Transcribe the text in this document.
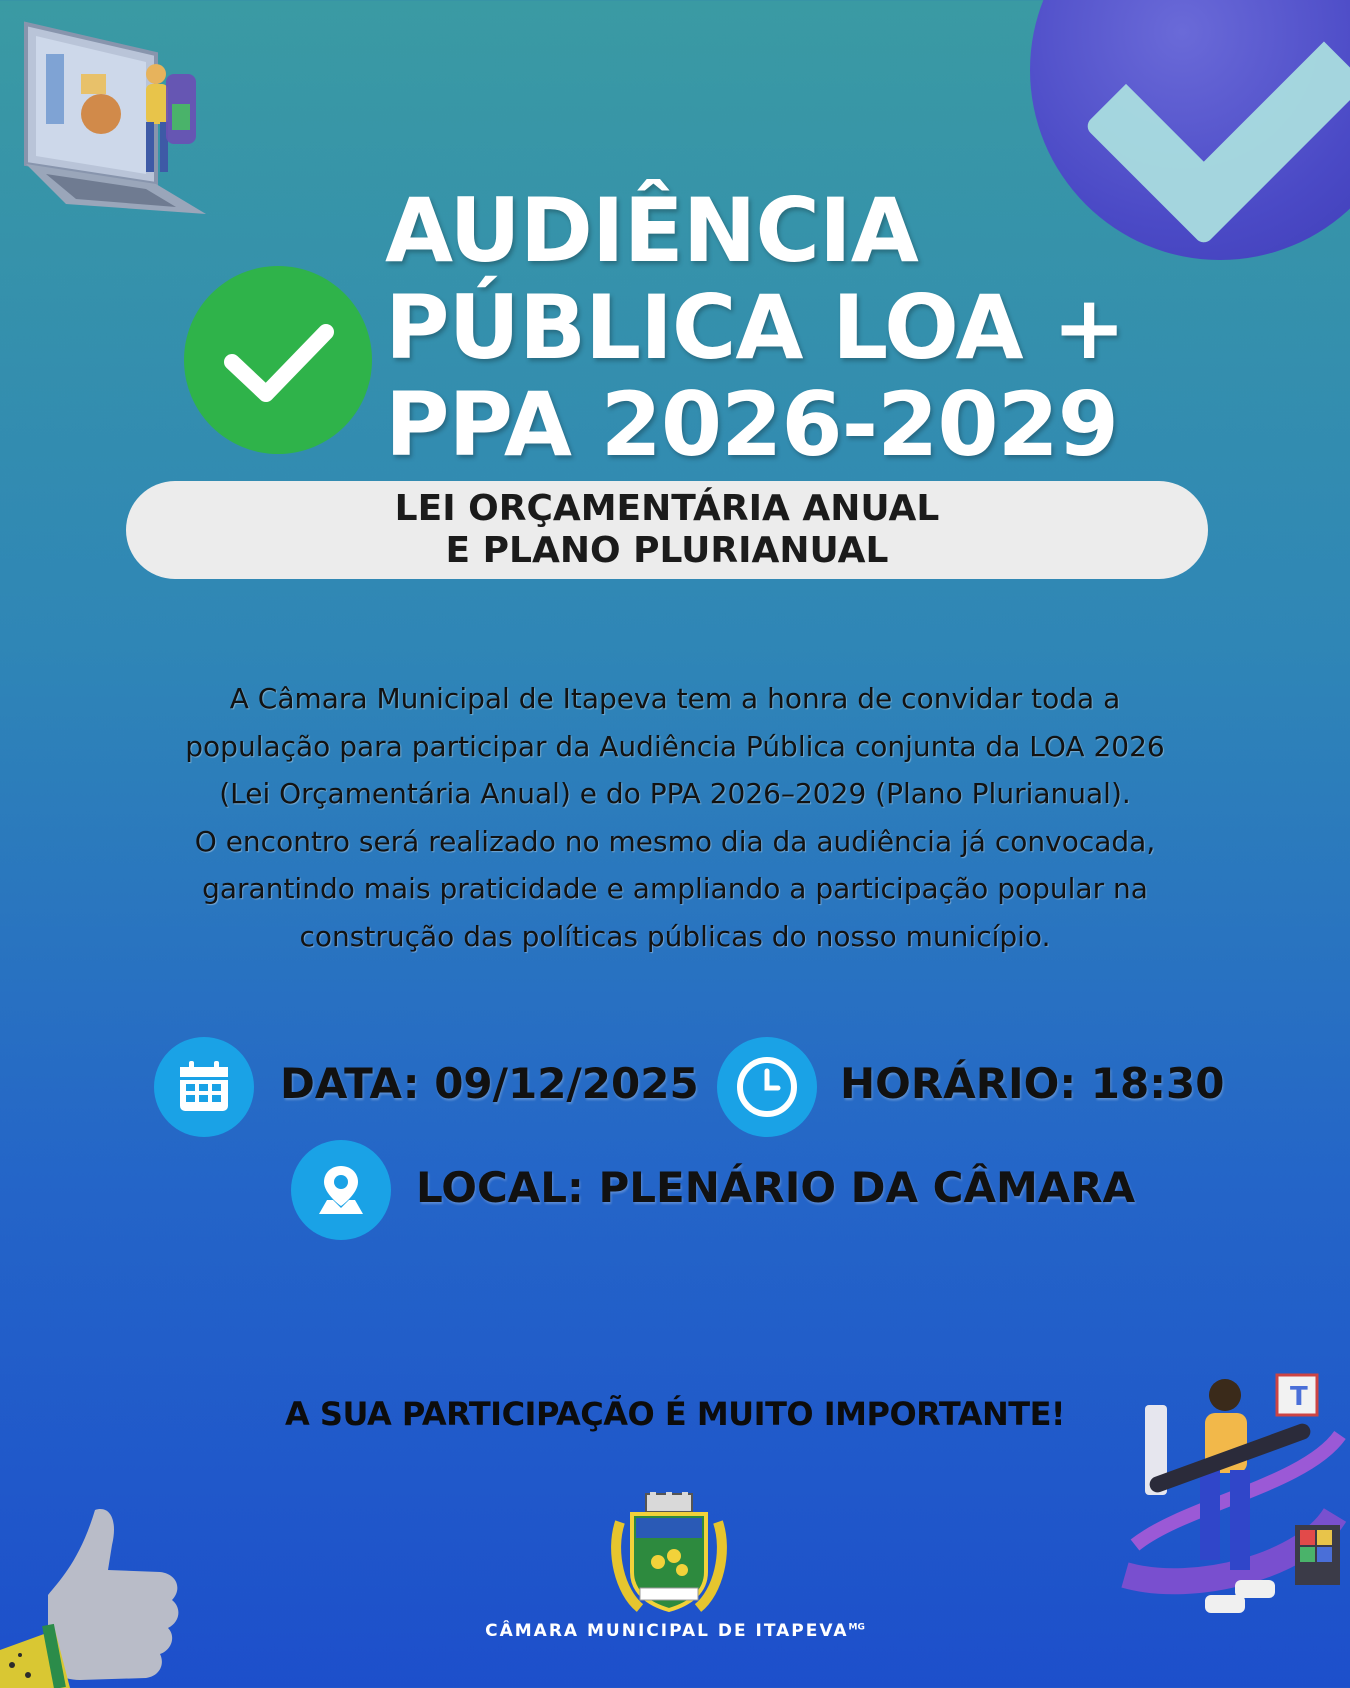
T
AUDIÊNCIA
PÚBLICA LOA +
PPA 2026-2029
LEI ORÇAMENTÁRIA ANUAL
E PLANO PLURIANUAL

A Câmara Municipal de Itapeva tem a honra de convidar toda a

população para participar da Audiência Pública conjunta da LOA 2026

(Lei Orçamentária Anual) e do PPA 2026–2029 (Plano Plurianual).

O encontro será realizado no mesmo dia da audiência já convocada,

garantindo mais praticidade e ampliando a participação popular na

construção das políticas públicas do nosso município.

DATA: 09/12/2025	HORÁRIO: 18:30
LOCAL: PLENÁRIO DA CÂMARA
A SUA PARTICIPAÇÃO É MUITO IMPORTANTE!
CÂMARA MUNICIPAL DE $ITAPEVA^{MG}$
